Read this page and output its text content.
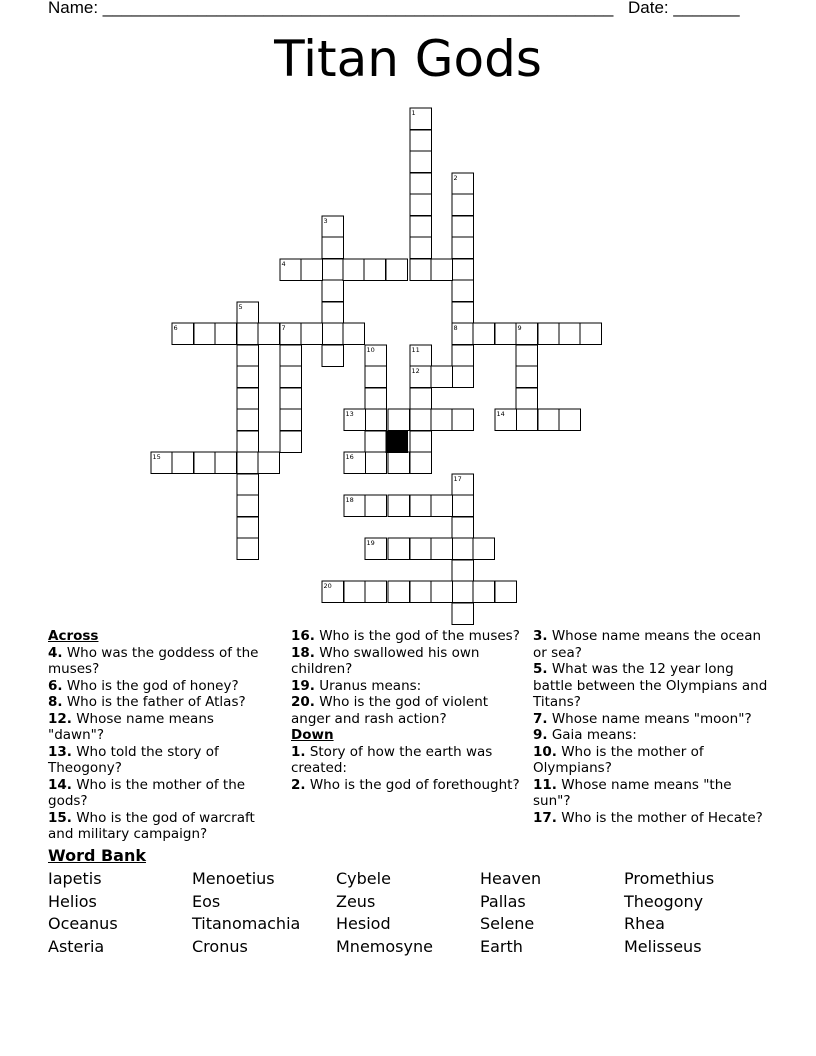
Name: ______________________________________________________ Date: _______
Titan Gods
1
2
3
4
5
6	7	8	9
10	11
12
13	14
15	16
17
18
19
20
Across
4. Who was the goddess of the muses?
6. Who is the god of honey?
8. Who is the father of Atlas?
12. Whose name means "dawn"?
13. Who told the story of Theogony?
14. Who is the mother of the gods?
15. Who is the god of warcraft and military campaign?
16. Who is the god of the muses?
18. Who swallowed his own children?
19. Uranus means:
20. Who is the god of violent anger and rash action?
Down
1. Story of how the earth was created:
2. Who is the god of forethought?
3. Whose name means the ocean or sea?
5. What was the 12 year long battle between the Olympians and Titans?
7. Whose name means "moon"?
9. Gaia means:
10. Who is the mother of Olympians?
11. Whose name means "the sun"?
17. Who is the mother of Hecate?
Word Bank
Iapetis	Menoetius	Cybele	Heaven	Promethius
Helios	Eos	Zeus	Pallas	Theogony
Oceanus	Titanomachia	Hesiod	Selene	Rhea
Asteria	Cronus	Mnemosyne	Earth	Melisseus
